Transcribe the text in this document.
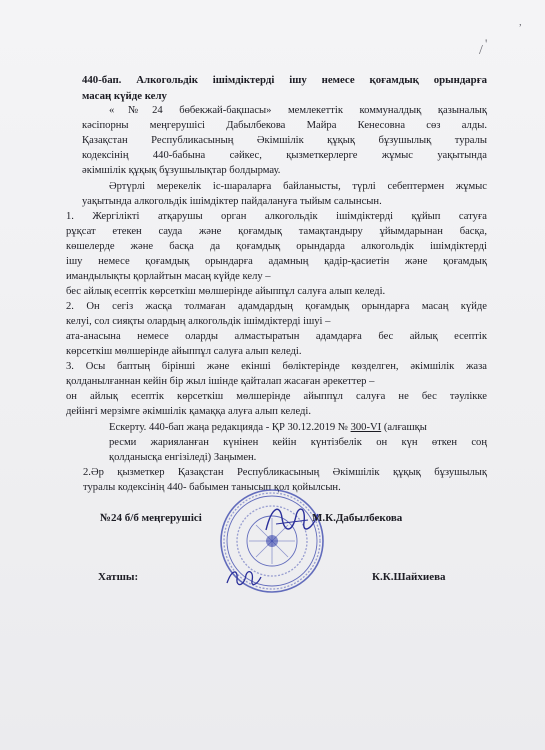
,
'
/
440-бап. Алкогольдік ішімдіктерді ішу немесе қоғамдық орындарға
масаң күйде келу
«№24 бөбекжай-бақшасы» мемлекеттік коммуналдық қазыналық
кәсіпорны меңгерушісі Дабылбекова Майра Кенесовна сөз алды.
Қазақстан Республикасының Әкімшілік құқық бұзушылық туралы
кодексінің 440-бабына сәйкес, қызметкерлерге жұмыс уақытында
әкімшілік құқық бұзушылықтар болдырмау.
Әртүрлі мерекелік іс-шараларға байланысты, түрлі себептермен жұмыс
уақытында алкогольдік ішімдіктер пайдалануға тыйым салынсын.
1. Жергілікті атқарушы орган алкогольдік ішімдіктерді құйып сатуға
рұқсат етекен сауда және қоғамдық тамақтандыру ұйымдарынан басқа,
көшелерде және басқа да қоғамдық орындарда алкогольдік ішімдіктерді
ішу немесе қоғамдық орындарға адамның қадір-қасиетін және қоғамдық
имандылықты қорлайтын масаң күйде келу –
бес айлық есептік көрсеткіш мөлшерінде айыппұл салуға алып келеді.
2. Он сегіз жасқа толмаған адамдардың қоғамдық орындарға масаң күйде
келуі, сол сияқты олардың алкогольдік ішімдіктерді ішуі –
ата-анасына немесе оларды алмастыратын адамдарға бес айлық есептік
көрсеткіш мөлшерінде айыппұл салуға алып келеді.
3. Осы баптың бірінші және екінші бөліктерінде көзделген, әкімшілік жаза
қолданылғаннан кейін бір жыл ішінде қайталап жасаған әрекеттер –
он айлық есептік көрсеткіш мөлшерінде айыппұл салуға не бес тәулікке
дейінгі мерзімге әкімшілік қамаққа алуға алып келеді.
Ескерту. 440-бап жаңа редакцияда - ҚР 30.12.2019 № 300-VI (алғашқы
ресми жарияланған күнінен кейін күнтізбелік он күн өткен соң
қолданысқа енгізіледі) Заңымен.
2.Әр қызметкер Қазақстан Республикасының Әкімшілік құқық бұзушылық
туралы кодексінің 440- бабымен танысып қол қойылсын.
№24 б/б меңгерушісі	М.К.Дабылбекова
Хатшы:	К.К.Шайхиева
